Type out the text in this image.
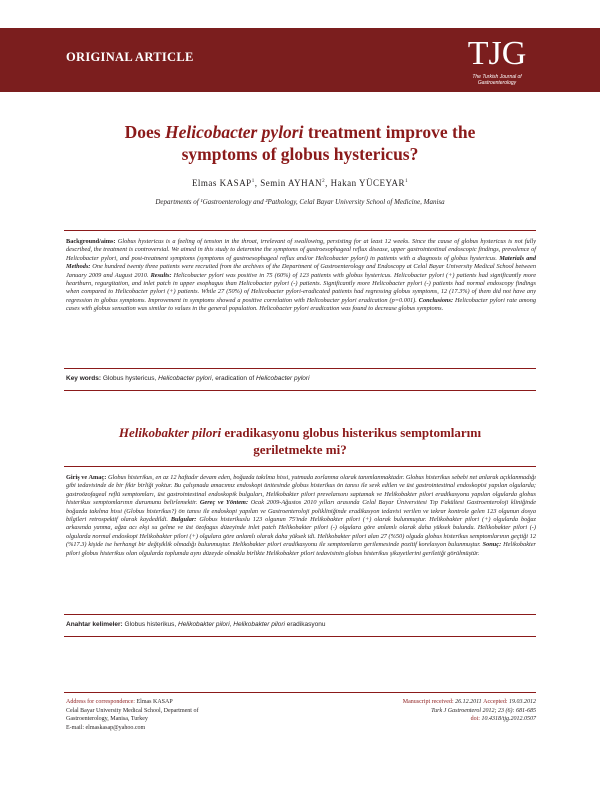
ORIGINAL ARTICLE	TJG
The Turkish Journal of Gastroenterology
Does Helicobacter pylori treatment improve the
symptoms of globus hystericus?
Elmas KASAP$^1$, Semin AYHAN$^2$, Hakan YÜCEYAR$^1$
Departments of ¹Gastroenterology and ²Pathology, Celal Bayar University School of Medicine, Manisa
Background/aims: Globus hystericus is a feeling of tension in the throat, irrelevant of swallowing, persisting for at least 12 weeks. Since the cause of globus hystericus is not fully described, the treatment is controversial. We aimed in this study to determine the symptoms of gastroesophageal reflux disease, upper gastrointestinal endoscopic findings, prevalence of Helicobacter pylori, and post-treatment symptoms (symptoms of gastroesophageal reflux and/or Helicobacter pylori) in patients with a diagnosis of globus hystericus. Materials and Methods: One hundred twenty three patients were recruited from the archives of the Department of Gastroenterology and Endoscopy at Celal Bayar University Medical School between January 2009 and August 2010. Results: Helicobacter pylori was positive in 75 (60%) of 123 patients with globus hystericus. Helicobacter pylori (+) patients had significantly more heartburn, regurgitation, and inlet patch in upper esophagus than Helicobacter pylori (-) patients. Significantly more Helicobacter pylori (-) patients had normal endoscopy findings when compared to Helicobacter pylori (+) patients. While 27 (50%) of Helicobacter pylori-eradicated patients had regressing globus symptoms, 12 (17.3%) of them did not have any regression in globus symptoms. Improvement in symptoms showed a positive correlation with Helicobacter pylori eradication (p=0.001). Conclusions: Helicobacter pylori rate among cases with globus sensation was similar to values in the general population. Helicobacter pylori eradication was found to decrease globus symptoms.
Key words: Globus hystericus, Helicobacter pylori, eradication of Helicobacter pylori
Helikobakter pilori eradikasyonu globus histerikus semptomlarını
geriletmekte mi?
Giriş ve Amaç: Globus histerikus, en az 12 haftadır devam eden, boğazda takılma hissi, yutmada zorlanma olarak tanımlanmaktadır. Globus histerikus sebebi net anlarak açıklanmadığı gibi tedavisinde de bir fikir birliği yoktur. Bu çalışmada amacımız endoskopi ünitesinde globus histerikus ön tanısı ile sevk edilen ve üst gastrointestinal endoskopisi yapılan olgularda; gastroözofageal reflü semptomları, üst gastrointestinal endoskopik bulguları, Helikobakter pilori prevelansını saptamak ve Helikobakter pilori eradikasyonu yapılan olgularda globus histerikus semptomlarının durumunu belirlemektir. Gereç ve Yöntem: Ocak 2009-Ağustos 2010 yılları arasında Celal Bayar Üniversitesi Tıp Fakültesi Gastroenteroloji kliniğinde boğazda takılma hissi (Globus histerikus?) ön tanısı ile endoskopi yapılan ve Gastroenteroloji polikliniğinde eradikasyon tedavisi verilen ve tekrar kontrole gelen 123 olgunun dosya bilgileri retrospektif olarak kaydedildi. Bulgular: Globus histerikuslu 123 olgunun 75'inde Helikobakter pilori (+) olarak bulunmuştur. Helikobakter pilori (+) olgularda boğaz arkasında yanma, ağza acı ekşi su gelme ve üst özofagus düzeyinde inlet patch Helikobakter pilori (-) olgulara göre anlamlı olarak daha yüksek bulundu. Helikobakter pilori (-) olgularda normal endoskopi Helikobakter pilori (+) olgulara göre anlamlı olarak daha yüksek idi. Helikobakter pilori alan 27 (%50) olguda globus histerikus semptomlarının geçtiği 12 (%17.3) kişide ise herhangi bir değişiklik olmadığı bulunmuştur. Helikobakter pilori eradikasyonu ile semptomların gerilemesinde pozitif korelasyon bulunmuştur. Sonuç: Helikobakter pilori globus histerikus olan olgularda toplumda aynı düzeyde olmakla birlikte Helikobakter pilori tedavisinin globus histerikus şikayetlerini geriletiği görülmüştür.
Anahtar kelimeler: Globus histerikus, Helikobakter pilori, Helikobakter pilori eradikasyonu
Address for correspondence: Elmas KASAP
Celal Bayar University Medical School, Department of
Gastroenterology, Manisa, Turkey
E-mail: elmaskasap@yahoo.com
Manuscript received: 26.12.2011 Accepted: 19.03.2012
Turk J Gastroenterol 2012; 23 (6): 681-685
doi: 10.4318/tjg.2012.0507
